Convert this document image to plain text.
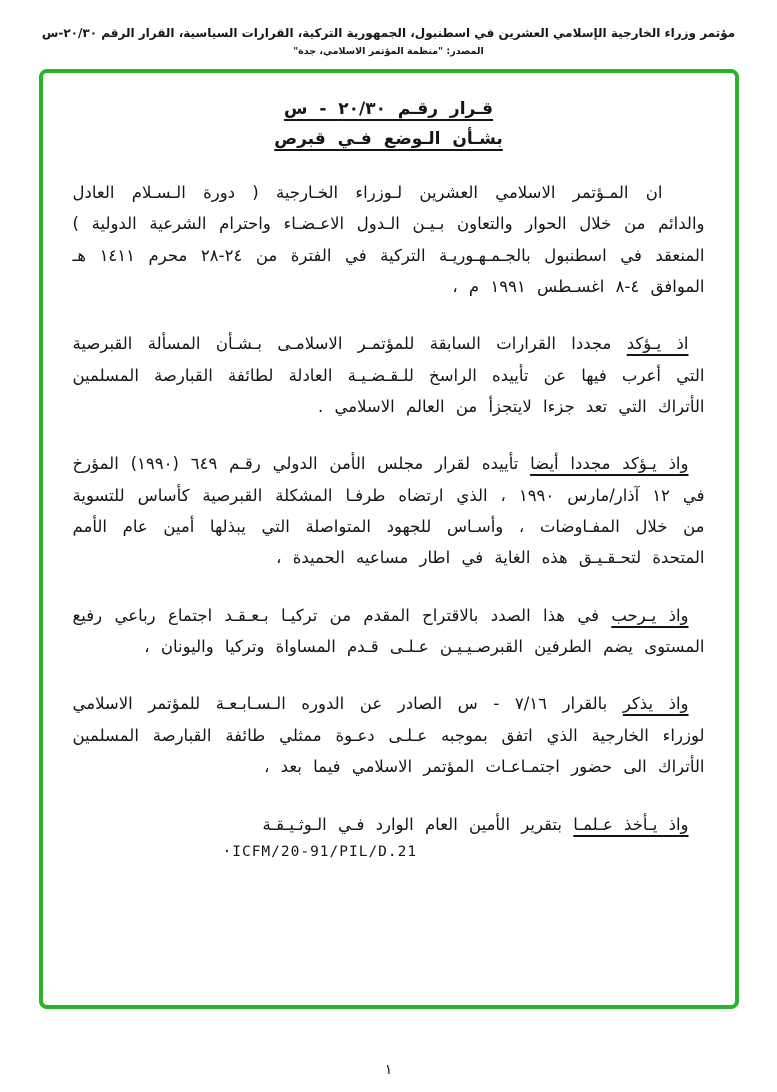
مؤتمر وزراء الخارجية الإسلامي العشرين في اسطنبول، الجمهورية التركية، القرارات السياسية، القرار الرقم ٢٠/٣٠-س
المصدر: "منظمة المؤتمر الاسلامي، جدة"
قـرار رقـم ٢٠/٣٠ - س
بشـأن الـوضع فـي قبرص

ان المـؤتمر الاسلامي العشرين لـوزراء الخـارجية ( دورة الـسـلام العادل والدائم من خلال الحوار والتعاون بـيـن الـدول الاعـضـاء واحترام الشرعية الدولية ) المنعقد في اسطنبول بالجـمـهـوريـة التركية في الفترة من ٢٤-٢٨ محرم ١٤١١ هـ الموافق ٤-٨ اغسـطس ١٩٩١ م ،

اذ يـؤكد مجددا القرارات السابقة للمؤتمـر الاسلامـى بـشـأن المسألة القبرصية التي أعرب فيها عن تأييده الراسخ للـقـضـيـة العادلة لطائفة القبارصة المسلمين الأتراك التي تعد جزءا لايتجزأ من العالم الاسلامي .

واذ يـؤكد مجددا أيضا تأييده لقرار مجلس الأمن الدولي رقـم ٦٤٩ (١٩٩٠) المؤرخ في ١٢ آذار/مارس ١٩٩٠ ، الذي ارتضاه طرفـا المشكلة القبرصية كأساس للتسوية من خلال المفـاوضات ، وأسـاس للجهود المتواصلة التي يبذلها أمين عام الأمم المتحدة لتحـقـيـق هذه الغاية في اطار مساعيه الحميدة ،

واذ يـرحب في هذا الصدد بالاقتراح المقدم من تركيـا بـعـقـد اجتماع رباعي رفيع المستوى يضم الطرفين القبرصـيـيـن عـلـى قـدم المساواة وتركيا واليونان ،

واذ يذكر بالقرار ٧/١٦ - س الصادر عن الدوره الـسـابـعـة للمؤتمر الاسلامي لوزراء الخارجية الذي اتفق بموجبه عـلـى دعـوة ممثلي طائفة القبارصة المسلمين الأتراك الى حضور اجتمـاعـات المؤتمر الاسلامي فيما بعد ،

واذ يـأخذ عـلمـا بتقرير الأمين العام الوارد فـي الـوثـيـقـة

·ICFM/20-91/PIL/D.21
١
